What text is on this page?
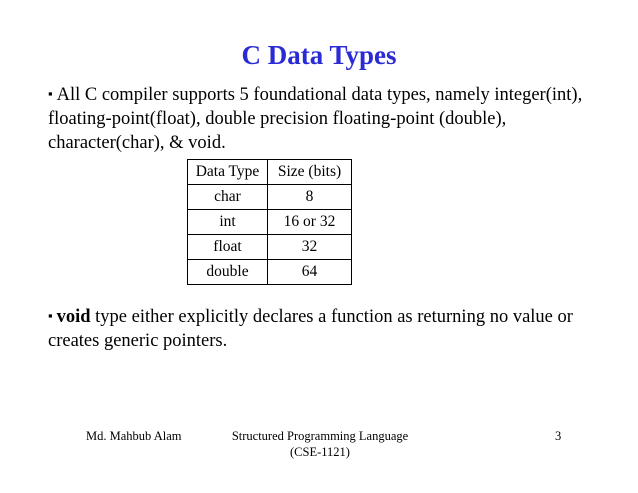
C Data Types

▪ All C compiler supports 5 foundational data types, namely integer(int), floating-point(float), double precision floating-point (double), character(char), & void.

Data Type	Size (bits)
char	8
int	16 or 32
float	32
double	64

▪ void type either explicitly declares a function as returning no value or creates generic pointers.

Md. Mahbub Alam	Structured Programming Language
(CSE-1121)
3
